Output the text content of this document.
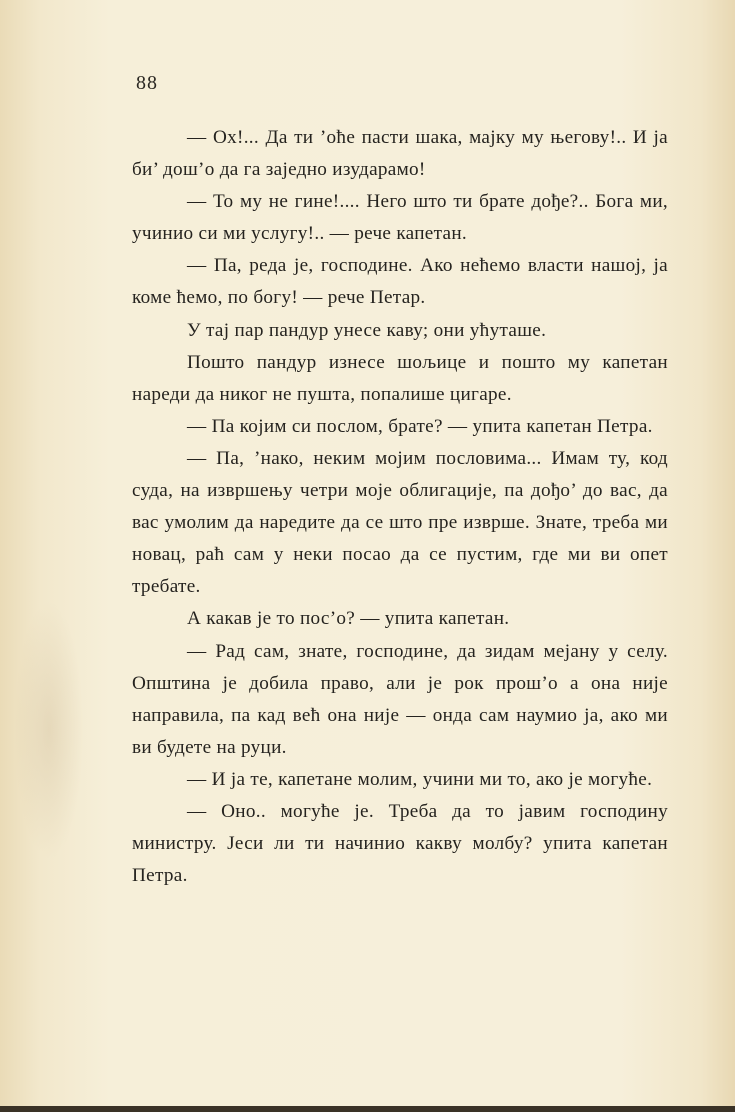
88

— Ох!... Да ти ’оће пасти шака, мајку му његову!.. И ја би’ дош’о да га заједно изударамо!

— То му не гине!.... Него што ти брате дође?.. Бога ми, учинио си ми услугу!.. — рече капетан.

— Па, реда је, господине. Ако нећемо власти нашој, ја коме ћемо, по богу! — рече Петар.

У тај пар пандур унесе каву; они ућуташе.

Пошто пандур изнесе шољице и пошто му капетан нареди да никог не пушта, попалише цигаре.

— Па којим си послом, брате? — упита капетан Петра.

— Па, ’нако, неким мојим пословима... Имам ту, код суда, на извршењу четри моје облигације, па дођо’ до вас, да вас умолим да наредите да се што пре изврше. Знате, треба ми новац, раћ сам у неки посао да се пустим, где ми ви опет требате.

А какав је то пос’о? — упита капетан.

— Рад сам, знате, господине, да зидам мејану у селу. Општина је добила право, али је рок прош’о а она није направила, па кад већ она није — онда сам наумио ја, ако ми ви будете на руци.

— И ја те, капетане молим, учини ми то, ако је могуће.

— Оно.. могуће је. Треба да то јавим господину министру. Јеси ли ти начинио какву молбу? упита капетан Петра.
